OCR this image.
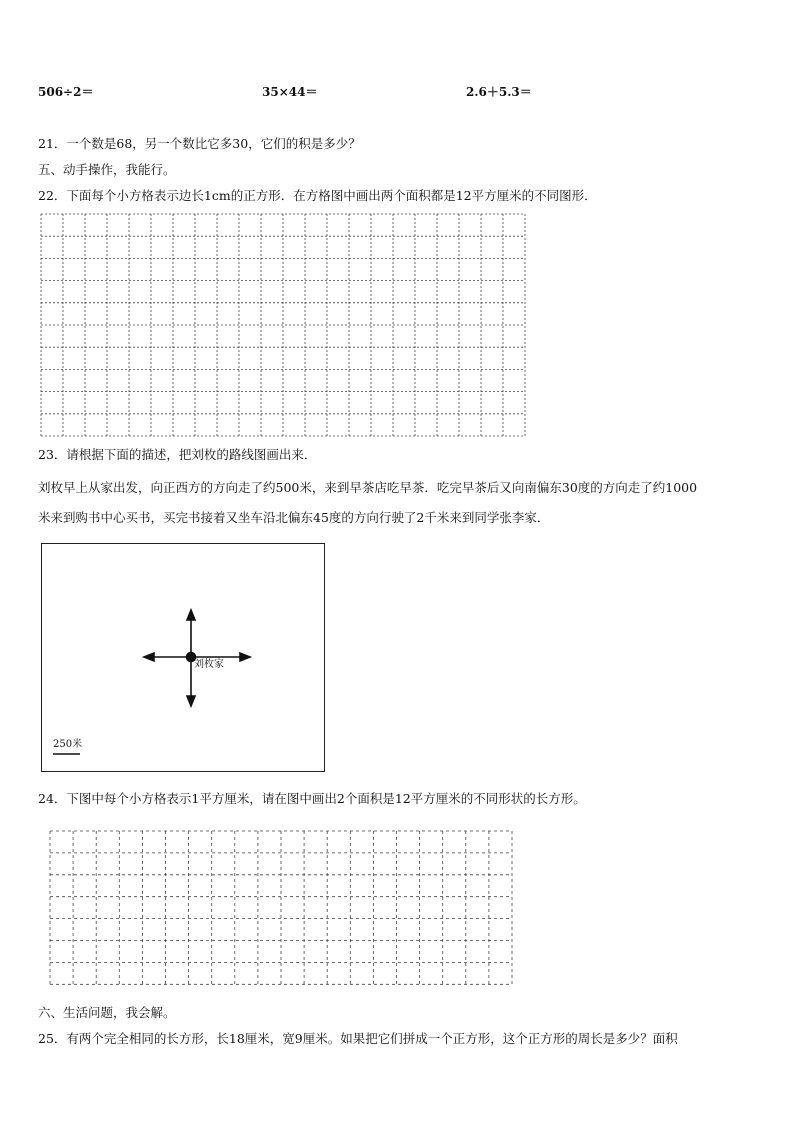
506÷2＝	35×44＝	2.6＋5.3＝
21．一个数是68，另一个数比它多30，它们的积是多少？
五、动手操作，我能行。
22．下面每个小方格表示边长1cm的正方形．在方格图中画出两个面积都是12平方厘米的不同图形．
23．请根据下面的描述，把刘枚的路线图画出来．
刘枚早上从家出发，向正西方的方向走了约500米，来到早茶店吃早茶．吃完早茶后又向南偏东30度的方向走了约1000
米来到购书中心买书，买完书接着又坐车沿北偏东45度的方向行驶了2千米来到同学张李家．
刘枚家
250米
24．下图中每个小方格表示1平方厘米，请在图中画出2个面积是12平方厘米的不同形状的长方形。
六、生活问题，我会解。
25．有两个完全相同的长方形，长18厘米，宽9厘米。如果把它们拼成一个正方形，这个正方形的周长是多少？面积
